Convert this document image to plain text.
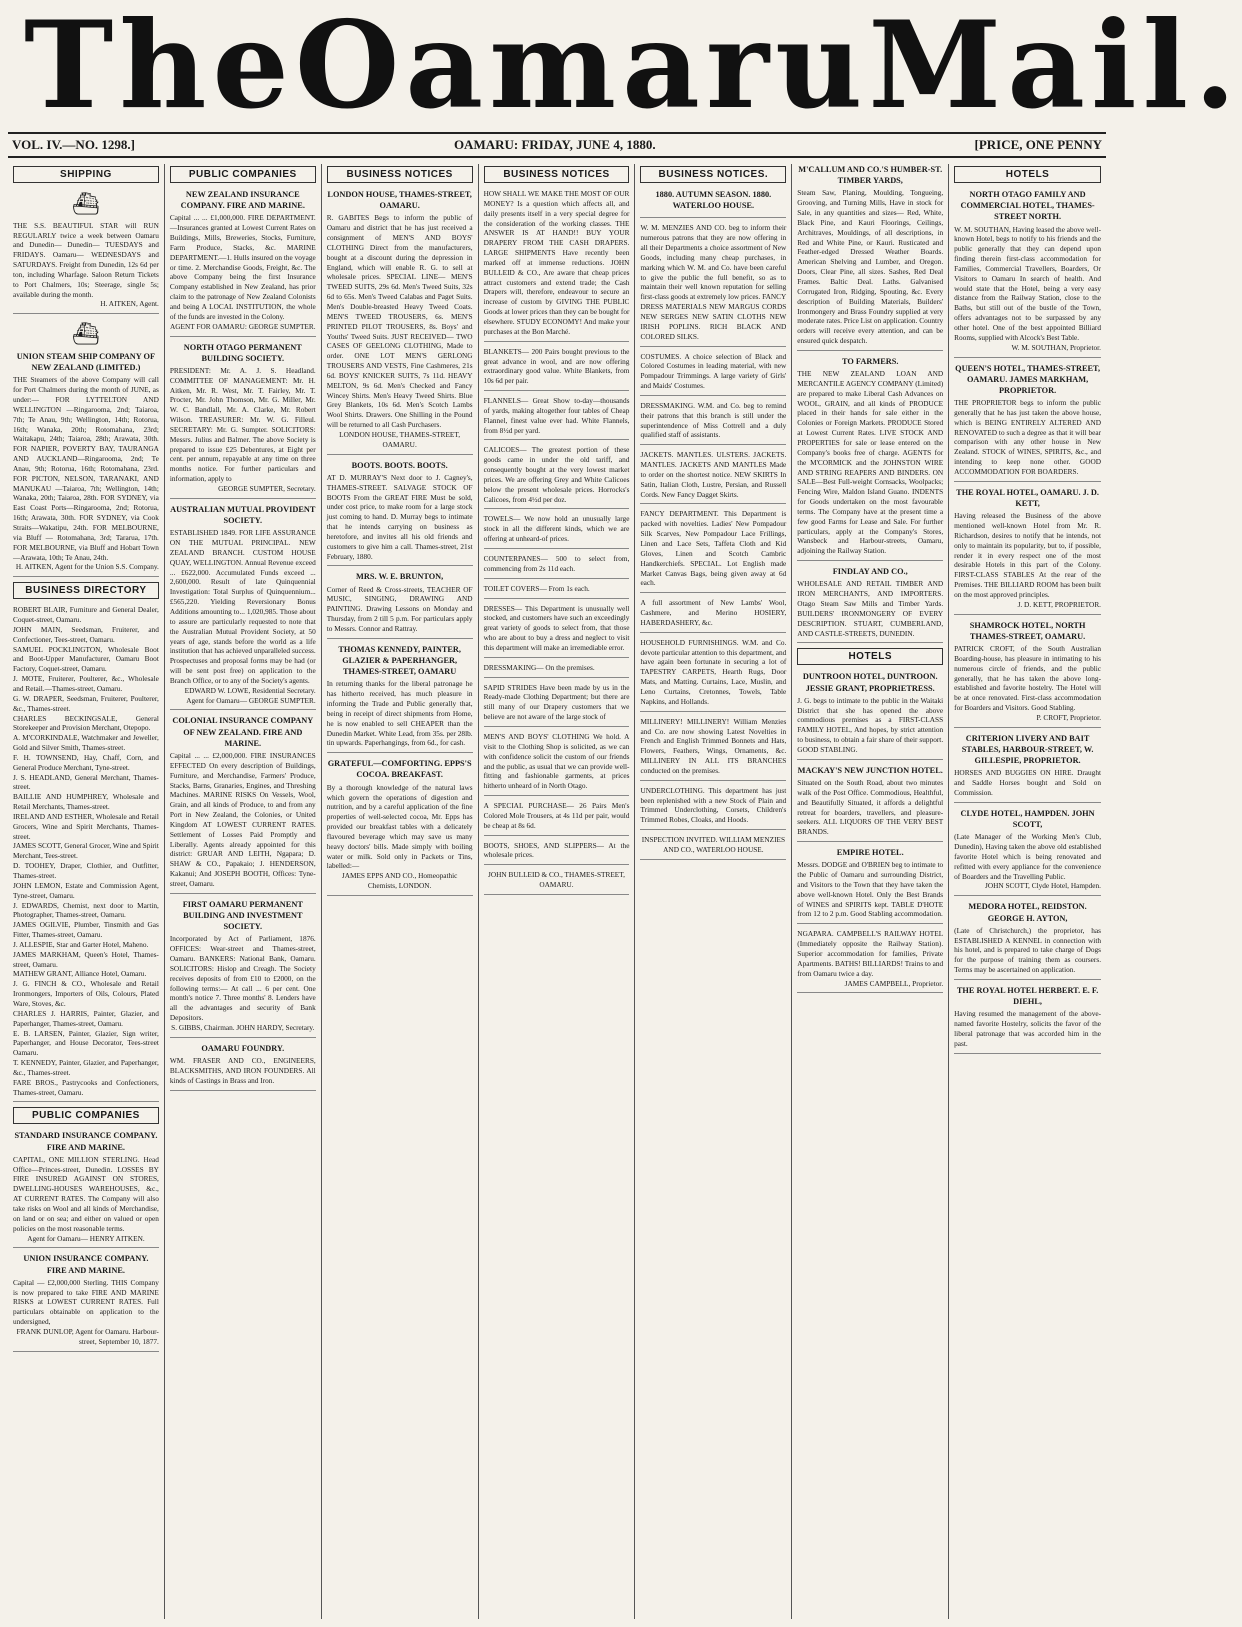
The Oamaru Mail.
VOL. IV.—NO. 1298.]	OAMARU: FRIDAY, JUNE 4, 1880.	[PRICE, ONE PENNY
SHIPPING
⛴
THE S.S. BEAUTIFUL STAR will RUN REGULARLY twice a week between Oamaru and Dunedin— Dunedin— TUESDAYS and FRIDAYS. Oamaru— WEDNESDAYS and SATURDAYS. Freight from Dunedin, 12s 6d per ton, including Wharfage. Saloon Return Tickets to Port Chalmers, 10s; Steerage, single 5s; available during the month.
H. AITKEN, Agent.
⛴
UNION STEAM SHIP COMPANY OF NEW ZEALAND (LIMITED.)
THE Steamers of the above Company will call for Port Chalmers during the month of JUNE, as under:— FOR LYTTELTON AND WELLINGTON —Ringarooma, 2nd; Taiaroa, 7th; Te Anau, 9th; Wellington, 14th; Rotorua, 16th; Wanaka, 20th; Rotomahana, 23rd; Waitakapu, 24th; Taiaroa, 28th; Arawata, 30th. FOR NAPIER, POVERTY BAY, TAURANGA AND AUCKLAND—Ringarooma, 2nd; Te Anau, 9th; Rotorua, 16th; Rotomahana, 23rd. FOR PICTON, NELSON, TARANAKI, AND MANUKAU —Taiaroa, 7th; Wellington, 14th; Wanaka, 20th; Taiaroa, 28th. FOR SYDNEY, via East Coast Ports—Ringarooma, 2nd; Rotorua, 16th; Arawata, 30th. FOR SYDNEY, via Cook Straits—Wakatipu, 24th. FOR MELBOURNE, via Bluff — Rotomahana, 3rd; Tararua, 17th. FOR MELBOURNE, via Bluff and Hobart Town—Arawata, 10th; Te Anau, 24th.
H. AITKEN, Agent for the Union S.S. Company.
BUSINESS DIRECTORY
ROBERT BLAIR, Furniture and General Dealer, Coquet-street, Oamaru.
JOHN MAIN, Seedsman, Fruiterer, and Confectioner, Tees-street, Oamaru.
SAMUEL POCKLINGTON, Wholesale Boot and Boot-Upper Manufacturer, Oamaru Boot Factory, Coquet-street, Oamaru.
J. MOTE, Fruiterer, Poulterer, &c., Wholesale and Retail.—Thames-street, Oamaru.
G. W. DRAPER, Seedsman, Fruiterer, Poulterer, &c., Thames-street.
CHARLES BECKINGSALE, General Storekeeper and Provision Merchant, Otepopo.
A. M'CORKINDALE, Watchmaker and Jeweller, Gold and Silver Smith, Thames-street.
F. H. TOWNSEND, Hay, Chaff, Corn, and General Produce Merchant, Tyne-street.
J. S. HEADLAND, General Merchant, Thames-street.
BAILLIE AND HUMPHREY, Wholesale and Retail Merchants, Thames-street.
IRELAND AND ESTHER, Wholesale and Retail Grocers, Wine and Spirit Merchants, Thames-street.
JAMES SCOTT, General Grocer, Wine and Spirit Merchant, Tees-street.
D. TOOHEY, Draper, Clothier, and Outfitter, Thames-street.
JOHN LEMON, Estate and Commission Agent, Tyne-street, Oamaru.
J. EDWARDS, Chemist, next door to Martin, Photographer, Thames-street, Oamaru.
JAMES OGILVIE, Plumber, Tinsmith and Gas Fitter, Thames-street, Oamaru.
J. ALLESPIE, Star and Garter Hotel, Maheno.
JAMES MARKHAM, Queen's Hotel, Thames-street, Oamaru.
MATHEW GRANT, Alliance Hotel, Oamaru.
J. G. FINCH & CO., Wholesale and Retail Ironmongers, Importers of Oils, Colours, Plated Ware, Stoves, &c.
CHARLES J. HARRIS, Painter, Glazier, and Paperhanger, Thames-street, Oamaru.
E. B. LARSEN, Painter, Glazier, Sign writer, Paperhanger, and House Decorator, Tees-street Oamaru.
T. KENNEDY, Painter, Glazier, and Paperhanger, &c., Thames-street.
FARE BROS., Pastrycooks and Confectioners, Thames-street, Oamaru.
PUBLIC COMPANIES
STANDARD INSURANCE COMPANY. FIRE AND MARINE.
CAPITAL, ONE MILLION STERLING. Head Office—Princes-street, Dunedin. LOSSES BY FIRE INSURED AGAINST ON STORES, DWELLING-HOUSES WAREHOUSES, &c., AT CURRENT RATES. The Company will also take risks on Wool and all kinds of Merchandise, on land or on sea; and either on valued or open policies on the most reasonable terms.
Agent for Oamaru— HENRY AITKEN.
UNION INSURANCE COMPANY. FIRE AND MARINE.
Capital — £2,000,000 Sterling. THIS Company is now prepared to take FIRE AND MARINE RISKS at LOWEST CURRENT RATES. Full particulars obtainable on application to the undersigned,
FRANK DUNLOP, Agent for Oamaru. Harbour-street, September 10, 1877.
PUBLIC COMPANIES
NEW ZEALAND INSURANCE COMPANY. FIRE AND MARINE.
Capital ... ... £1,000,000. FIRE DEPARTMENT.—Insurances granted at Lowest Current Rates on Buildings, Mills, Breweries, Stocks, Furniture, Farm Produce, Stacks, &c. MARINE DEPARTMENT.—1. Hulls insured on the voyage or time. 2. Merchandise Goods, Freight, &c. The above Company being the first Insurance Company established in New Zealand, has prior claim to the patronage of New Zealand Colonists and being A LOCAL INSTITUTION, the whole of the funds are invested in the Colony.
AGENT FOR OAMARU: GEORGE SUMPTER.
NORTH OTAGO PERMANENT BUILDING SOCIETY.
PRESIDENT: Mr. A. J. S. Headland. COMMITTEE OF MANAGEMENT: Mr. H. Aitken, Mr. R. West, Mr. T. Fairley, Mr. T. Procter, Mr. John Thomson, Mr. G. Miller, Mr. W. C. Bandlall, Mr. A. Clarke, Mr. Robert Wilson. TREASURER: Mr. W. G. Filleul. SECRETARY: Mr. G. Sumpter. SOLICITORS: Messrs. Julius and Balmer. The above Society is prepared to issue £25 Debentures, at Eight per cent. per annum, repayable at any time on three months notice. For further particulars and information, apply to
GEORGE SUMPTER, Secretary.
AUSTRALIAN MUTUAL PROVIDENT SOCIETY.
ESTABLISHED 1849. FOR LIFE ASSURANCE ON THE MUTUAL PRINCIPAL. NEW ZEALAND BRANCH. CUSTOM HOUSE QUAY, WELLINGTON. Annual Revenue exceed ... £622,000. Accumulated Funds exceed ... 2,600,000. Result of late Quinquennial Investigation: Total Surplus of Quinquennium... £565,220. Yielding Reversionary Bonus Additions amounting to... 1,020,985. Those about to assure are particularly requested to note that the Australian Mutual Provident Society, at 50 years of age, stands before the world as a life institution that has achieved unparalleled success. Prospectuses and proposal forms may be had (or will be sent post free) on application to the Branch Office, or to any of the Society's agents.
EDWARD W. LOWE, Residential Secretary. Agent for Oamaru— GEORGE SUMPTER.
COLONIAL INSURANCE COMPANY OF NEW ZEALAND. FIRE AND MARINE.
Capital ... ... £2,000,000. FIRE INSURANCES EFFECTED On every description of Buildings, Furniture, and Merchandise, Farmers' Produce, Stacks, Barns, Granaries, Engines, and Threshing Machines. MARINE RISKS On Vessels, Wool, Grain, and all kinds of Produce, to and from any Port in New Zealand, the Colonies, or United Kingdom AT LOWEST CURRENT RATES. Settlement of Losses Paid Promptly and Liberally. Agents already appointed for this district: GRUAR AND LEITH, Ngapara; D. SHAW & CO., Papakaio; J. HENDERSON, Kakanui; And JOSEPH BOOTH, Offices: Tyne-street, Oamaru.
FIRST OAMARU PERMANENT BUILDING AND INVESTMENT SOCIETY.
Incorporated by Act of Parliament, 1876. OFFICES: Wear-street and Thames-street, Oamaru. BANKERS: National Bank, Oamaru. SOLICITORS: Hislop and Creagh. The Society receives deposits of from £10 to £2000, on the following terms:— At call ... 6 per cent. One month's notice 7. Three months' 8. Lenders have all the advantages and security of Bank Depositors.
S. GIBBS, Chairman. JOHN HARDY, Secretary.
OAMARU FOUNDRY.
WM. FRASER AND CO., ENGINEERS, BLACKSMITHS, AND IRON FOUNDERS. All kinds of Castings in Brass and Iron.
BUSINESS NOTICES
LONDON HOUSE, THAMES-STREET, OAMARU.
R. GABITES Begs to inform the public of Oamaru and district that he has just received a consignment of MEN'S AND BOYS' CLOTHING Direct from the manufacturers, bought at a discount during the depression in England, which will enable R. G. to sell at wholesale prices. SPECIAL LINE— MEN'S TWEED SUITS, 29s 6d. Men's Tweed Suits, 32s 6d to 65s. Men's Tweed Calabas and Paget Suits. Men's Double-breasted Heavy Tweed Coats. MEN'S TWEED TROUSERS, 6s. MEN'S PRINTED PILOT TROUSERS, 8s. Boys' and Youths' Tweed Suits. JUST RECEIVED— TWO CASES OF GEELONG CLOTHING, Made to order. ONE LOT MEN'S GERLONG TROUSERS AND VESTS, Fine Cashmeres, 21s 6d. BOYS' KNICKER SUITS, 7s 11d. HEAVY MELTON, 9s 6d. Men's Checked and Fancy Wincey Shirts. Men's Heavy Tweed Shirts. Blue Grey Blankets, 10s 6d. Men's Scotch Lambs Wool Shirts. Drawers. One Shilling in the Pound will be returned to all Cash Purchasers.
LONDON HOUSE, THAMES-STREET, OAMARU.
BOOTS. BOOTS. BOOTS.
AT D. MURRAY'S Next door to J. Cagney's, THAMES-STREET. SALVAGE STOCK OF BOOTS From the GREAT FIRE Must be sold, under cost price, to make room for a large stock just coming to hand. D. Murray begs to intimate that he intends carrying on business as heretofore, and invites all his old friends and customers to give him a call. Thames-street, 21st February, 1880.
MRS. W. E. BRUNTON,
Corner of Reed & Cross-streets, TEACHER OF MUSIC, SINGING, DRAWING AND PAINTING. Drawing Lessons on Monday and Thursday, from 2 till 5 p.m. For particulars apply to Messrs. Connor and Rattray.
THOMAS KENNEDY, PAINTER, GLAZIER & PAPERHANGER, THAMES-STREET, OAMARU
In returning thanks for the liberal patronage he has hitherto received, has much pleasure in informing the Trade and Public generally that, being in receipt of direct shipments from Home, he is now enabled to sell CHEAPER than the Dunedin Market. White Lead, from 35s. per 28lb. tin upwards. Paperhangings, from 6d., for cash.
GRATEFUL—COMFORTING. EPPS'S COCOA. BREAKFAST.
By a thorough knowledge of the natural laws which govern the operations of digestion and nutrition, and by a careful application of the fine properties of well-selected cocoa, Mr. Epps has provided our breakfast tables with a delicately flavoured beverage which may save us many heavy doctors' bills. Made simply with boiling water or milk. Sold only in Packets or Tins, labelled:—
JAMES EPPS AND CO., Homeopathic Chemists, LONDON.
BUSINESS NOTICES
HOW SHALL WE MAKE THE MOST OF OUR MONEY? Is a question which affects all, and daily presents itself in a very special degree for the consideration of the working classes. THE ANSWER IS AT HAND!! BUY YOUR DRAPERY FROM THE CASH DRAPERS. LARGE SHIPMENTS Have recently been marked off at immense reductions. JOHN BULLEID & CO., Are aware that cheap prices attract customers and extend trade; the Cash Drapers will, therefore, endeavour to secure an increase of custom by GIVING THE PUBLIC Goods at lower prices than they can be bought for elsewhere. STUDY ECONOMY! And make your purchases at the Bon Marché.
BLANKETS— 200 Pairs bought previous to the great advance in wool, and are now offering extraordinary good value. White Blankets, from 10s 6d per pair.
FLANNELS— Great Show to-day—thousands of yards, making altogether four tables of Cheap Flannel, finest value ever had. White Flannels, from 8½d per yard.
CALICOES— The greatest portion of these goods came in under the old tariff, and consequently bought at the very lowest market prices. We are offering Grey and White Calicoes below the present wholesale prices. Horrocks's Calicoes, from 4½d per doz.
TOWELS— We now hold an unusually large stock in all the different kinds, which we are offering at unheard-of prices.
COUNTERPANES— 500 to select from, commencing from 2s 11d each.
TOILET COVERS— From 1s each.
DRESSES— This Department is unusually well stocked, and customers have such an exceedingly great variety of goods to select from, that those who are about to buy a dress and neglect to visit this department will make an irremediable error.
DRESSMAKING— On the premises.
SAPID STRIDES Have been made by us in the Ready-made Clothing Department; but there are still many of our Drapery customers that we believe are not aware of the large stock of
MEN'S AND BOYS' CLOTHING We hold. A visit to the Clothing Shop is solicited, as we can with confidence solicit the custom of our friends and the public, as usual that we can provide well-fitting and fashionable garments, at prices hitherto unheard of in North Otago.
A SPECIAL PURCHASE— 26 Pairs Men's Colored Mole Trousers, at 4s 11d per pair, would be cheap at 8s 6d.
BOOTS, SHOES, AND SLIPPERS— At the wholesale prices.
JOHN BULLEID & CO., THAMES-STREET, OAMARU.
BUSINESS NOTICES.
1880. AUTUMN SEASON. 1880. WATERLOO HOUSE.
W. M. MENZIES AND CO. beg to inform their numerous patrons that they are now offering in all their Departments a choice assortment of New Goods, including many cheap purchases, in marking which W. M. and Co. have been careful to give the public the full benefit, so as to maintain their well known reputation for selling first-class goods at extremely low prices. FANCY DRESS MATERIALS NEW MARGUS CORDS NEW SERGES NEW SATIN CLOTHS NEW IRISH POPLINS. RICH BLACK AND COLORED SILKS.
COSTUMES. A choice selection of Black and Colored Costumes in leading material, with new Pompadour Trimmings. A large variety of Girls' and Maids' Costumes.
DRESSMAKING. W.M. and Co. beg to remind their patrons that this branch is still under the superintendence of Miss Cottrell and a duly qualified staff of assistants.
JACKETS. MANTLES. ULSTERS. JACKETS. MANTLES. JACKETS AND MANTLES Made to order on the shortest notice. NEW SKIRTS In Satin, Italian Cloth, Lustre, Persian, and Russell Cords. New Fancy Dagget Skirts.
FANCY DEPARTMENT. This Department is packed with novelties. Ladies' New Pompadour Silk Scarves, New Pompadour Lace Frillings, Linen and Lace Sets, Taffeta Cloth and Kid Gloves, Linen and Scotch Cambric Handkerchiefs. SPECIAL. Lot English made Market Canvas Bags, being given away at 6d each.
A full assortment of New Lambs' Wool, Cashmere, and Merino HOSIERY, HABERDASHERY, &c.
HOUSEHOLD FURNISHINGS. W.M. and Co. devote particular attention to this department, and have again been fortunate in securing a lot of TAPESTRY CARPETS, Hearth Rugs, Door Mats, and Matting. Curtains, Lace, Muslin, and Leno Curtains, Cretonnes, Towels, Table Napkins, and Hollands.
MILLINERY! MILLINERY! William Menzies and Co. are now showing Latest Novelties in French and English Trimmed Bonnets and Hats, Flowers, Feathers, Wings, Ornaments, &c. MILLINERY IN ALL ITS BRANCHES conducted on the premises.
UNDERCLOTHING. This department has just been replenished with a new Stock of Plain and Trimmed Underclothing, Corsets, Children's Trimmed Robes, Cloaks, and Hoods.
INSPECTION INVITED. WILLIAM MENZIES AND CO., WATERLOO HOUSE.
M'CALLUM AND CO.'S HUMBER-ST. TIMBER YARDS,
Steam Saw, Planing, Moulding, Tongueing, Grooving, and Turning Mills, Have in stock for Sale, in any quantities and sizes— Red, White, Black Pine, and Kauri Floorings, Ceilings, Architraves, Mouldings, of all descriptions, in Red and White Pine, or Kauri. Rusticated and Feather-edged Dressed Weather Boards. American Shelving and Lumber, and Oregon. Doors, Clear Pine, all sizes. Sashes, Red Deal Frames. Baltic Deal. Laths. Galvanised Corrugated Iron, Ridging, Spouting, &c. Every description of Building Materials, Builders' Ironmongery and Brass Foundry supplied at very moderate rates. Price List on application. Country orders will receive every attention, and can be ensured quick despatch.
TO FARMERS.
THE NEW ZEALAND LOAN AND MERCANTILE AGENCY COMPANY (Limited) are prepared to make Liberal Cash Advances on WOOL, GRAIN, and all kinds of PRODUCE placed in their hands for sale either in the Colonies or Foreign Markets. PRODUCE Stored at Lowest Current Rates. LIVE STOCK AND PROPERTIES for sale or lease entered on the Company's books free of charge. AGENTS for the M'CORMICK and the JOHNSTON WIRE AND STRING REAPERS AND BINDERS. ON SALE—Best Full-weight Cornsacks, Woolpacks; Fencing Wire, Maldon Island Guano. INDENTS for Goods undertaken on the most favourable terms. The Company have at the present time a few good Farms for Lease and Sale. For further particulars, apply at the Company's Stores, Wansbeck and Harbour-streets, Oamaru, adjoining the Railway Station.
FINDLAY AND CO.,
WHOLESALE AND RETAIL TIMBER AND IRON MERCHANTS, AND IMPORTERS. Otago Steam Saw Mills and Timber Yards. BUILDERS' IRONMONGERY OF EVERY DESCRIPTION. STUART, CUMBERLAND, AND CASTLE-STREETS, DUNEDIN.
HOTELS
DUNTROON HOTEL, DUNTROON. JESSIE GRANT, PROPRIETRESS.
J. G. begs to intimate to the public in the Waitaki District that she has opened the above commodious premises as a FIRST-CLASS FAMILY HOTEL, And hopes, by strict attention to business, to obtain a fair share of their support. GOOD STABLING.
MACKAY'S NEW JUNCTION HOTEL.
Situated on the South Road, about two minutes walk of the Post Office. Commodious, Healthful, and Beautifully Situated, it affords a delightful retreat for boarders, travellers, and pleasure-seekers. ALL LIQUORS OF THE VERY BEST BRANDS.
EMPIRE HOTEL.
Messrs. DODGE and O'BRIEN beg to intimate to the Public of Oamaru and surrounding District, and Visitors to the Town that they have taken the above well-known Hotel. Only the Best Brands of WINES and SPIRITS kept. TABLE D'HOTE from 12 to 2 p.m. Good Stabling accommodation.
NGAPARA. CAMPBELL'S RAILWAY HOTEL (Immediately opposite the Railway Station). Superior accommodation for families, Private Apartments. BATHS! BILLIARDS! Trains to and from Oamaru twice a day.
JAMES CAMPBELL, Proprietor.
HOTELS
NORTH OTAGO FAMILY AND COMMERCIAL HOTEL, THAMES-STREET NORTH.
W. M. SOUTHAN, Having leased the above well-known Hotel, begs to notify to his friends and the public generally that they can depend upon finding therein first-class accommodation for Families, Commercial Travellers, Boarders, Or Visitors to Oamaru In search of health. And would state that the Hotel, being a very easy distance from the Railway Station, close to the Baths, but still out of the bustle of the Town, offers advantages not to be surpassed by any other hotel. One of the best appointed Billiard Rooms, supplied with Alcock's Best Table.
W. M. SOUTHAN, Proprietor.
QUEEN'S HOTEL, THAMES-STREET, OAMARU. JAMES MARKHAM, PROPRIETOR.
THE PROPRIETOR begs to inform the public generally that he has just taken the above house, which is BEING ENTIRELY ALTERED AND RENOVATED to such a degree as that it will bear comparison with any other house in New Zealand. STOCK of WINES, SPIRITS, &c., and intending to keep none other. GOOD ACCOMMODATION FOR BOARDERS.
THE ROYAL HOTEL, OAMARU. J. D. KETT,
Having released the Business of the above mentioned well-known Hotel from Mr. R. Richardson, desires to notify that he intends, not only to maintain its popularity, but to, if possible, render it in every respect one of the most desirable Hotels in this part of the Colony. FIRST-CLASS STABLES At the rear of the Premises. THE BILLIARD ROOM has been built on the most approved principles.
J. D. KETT, PROPRIETOR.
SHAMROCK HOTEL, NORTH THAMES-STREET, OAMARU.
PATRICK CROFT, of the South Australian Boarding-house, has pleasure in intimating to his numerous circle of friends, and the public generally, that he has taken the above long-established and favorite hostelry. The Hotel will be at once renovated. First-class accommodation for Boarders and Visitors. Good Stabling.
P. CROFT, Proprietor.
CRITERION LIVERY AND BAIT STABLES, HARBOUR-STREET, W. GILLESPIE, PROPRIETOR.
HORSES AND BUGGIES ON HIRE. Draught and Saddle Horses bought and Sold on Commission.
CLYDE HOTEL, HAMPDEN. JOHN SCOTT,
(Late Manager of the Working Men's Club, Dunedin), Having taken the above old established favorite Hotel which is being renovated and refitted with every appliance for the convenience of Boarders and the Travelling Public.
JOHN SCOTT, Clyde Hotel, Hampden.
MEDORA HOTEL, REIDSTON. GEORGE H. AYTON,
(Late of Christchurch,) the proprietor, has ESTABLISHED A KENNEL in connection with his hotel, and is prepared to take charge of Dogs for the purpose of training them as coursers. Terms may be ascertained on application.
THE ROYAL HOTEL HERBERT. E. F. DIEHL,
Having resumed the management of the above-named favorite Hostelry, solicits the favor of the liberal patronage that was accorded him in the past.
